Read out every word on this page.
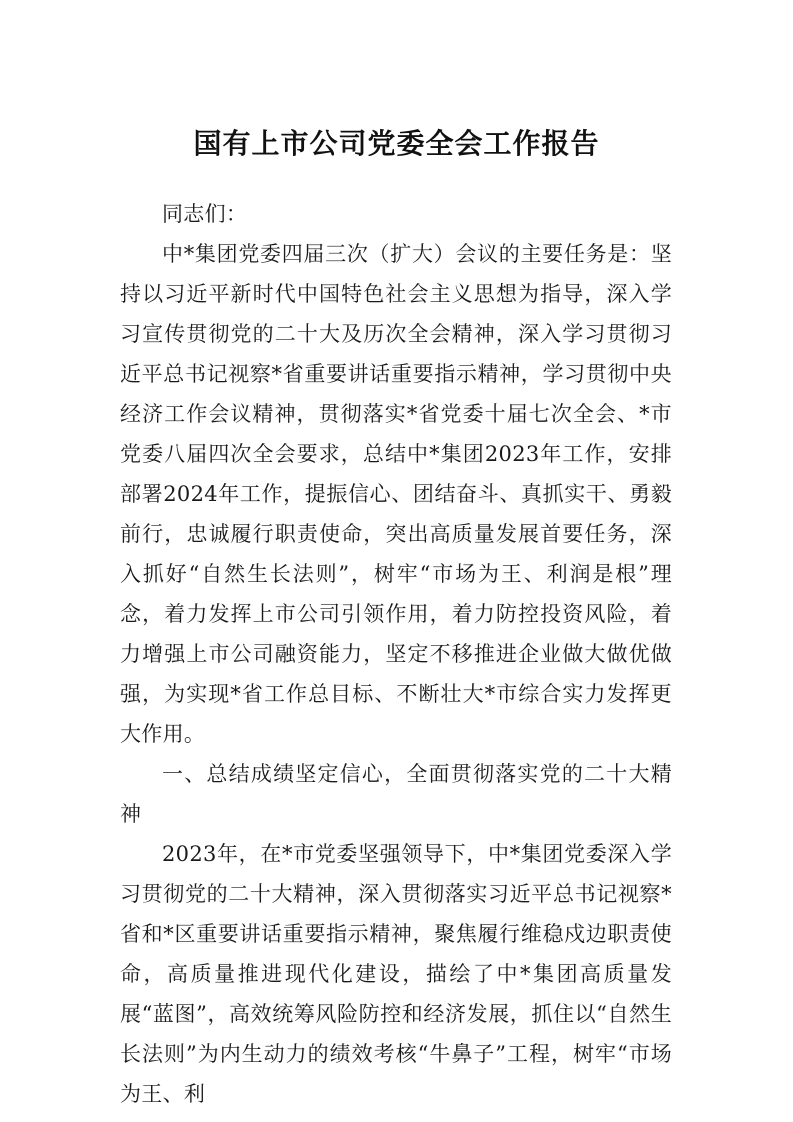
国有上市公司党委全会工作报告

同志们：

中*集团党委四届三次（扩大）会议的主要任务是：坚持以习近平新时代中国特色社会主义思想为指导，深入学习宣传贯彻党的二十大及历次全会精神，深入学习贯彻习近平总书记视察*省重要讲话重要指示精神，学习贯彻中央经济工作会议精神，贯彻落实*省党委十届七次全会、*市党委八届四次全会要求，总结中*集团2023年工作，安排部署2024年工作，提振信心、团结奋斗、真抓实干、勇毅前行，忠诚履行职责使命，突出高质量发展首要任务，深入抓好“自然生长法则”，树牢“市场为王、利润是根”理念，着力发挥上市公司引领作用，着力防控投资风险，着力增强上市公司融资能力，坚定不移推进企业做大做优做强，为实现*省工作总目标、不断壮大*市综合实力发挥更大作用。

一、总结成绩坚定信心，全面贯彻落实党的二十大精神

2023年，在*市党委坚强领导下，中*集团党委深入学习贯彻党的二十大精神，深入贯彻落实习近平总书记视察*省和*区重要讲话重要指示精神，聚焦履行维稳戍边职责使命，高质量推进现代化建设，描绘了中*集团高质量发展“蓝图”，高效统筹风险防控和经济发展，抓住以“自然生长法则”为内生动力的绩效考核“牛鼻子”工程，树牢“市场为王、利
